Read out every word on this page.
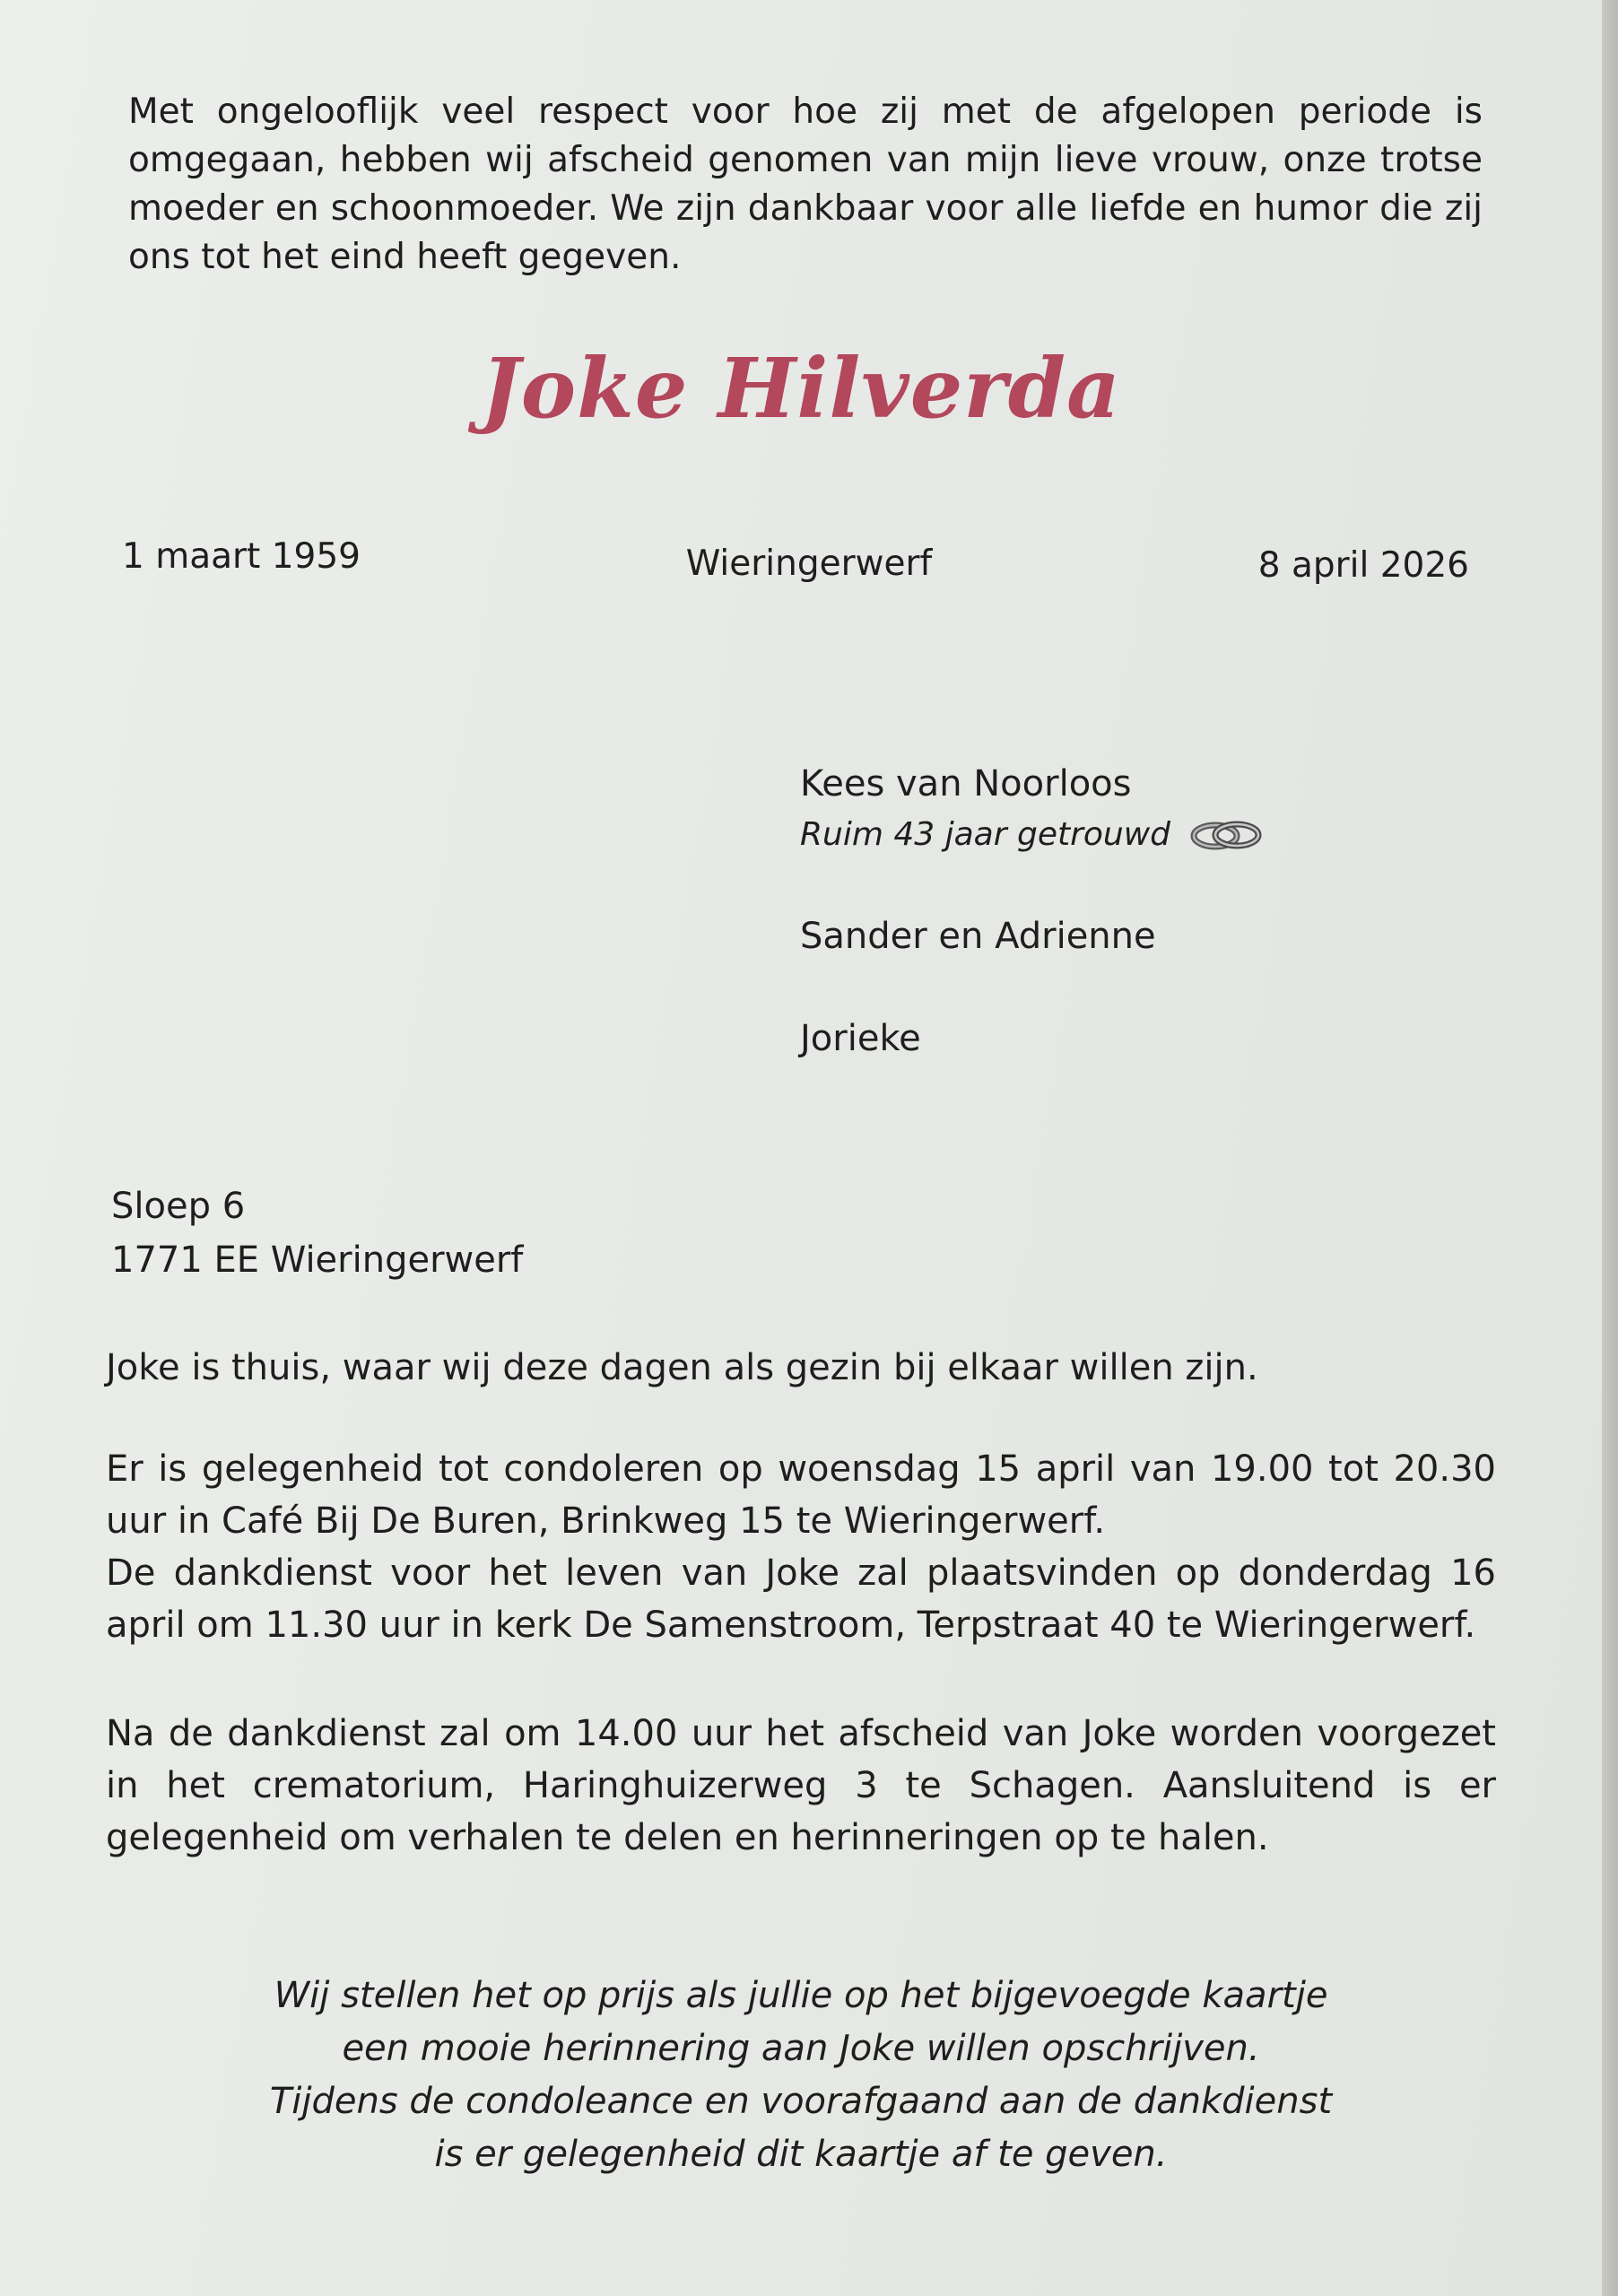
Met ongelooflijk veel respect voor hoe zij met de afgelopen periode is omgegaan, hebben wij afscheid genomen van mijn lieve vrouw, onze trotse moeder en schoonmoeder. We zijn dankbaar voor alle liefde en humor die zij ons tot het eind heeft gegeven.

Joke Hilverda

1 maart 1959	Wieringerwerf	8 april 2026

Kees van Noorloos

Ruim 43 jaar getrouwd

Sander en Adrienne

Jorieke

Sloep 6

1771 EE Wieringerwerf

Joke is thuis, waar wij deze dagen als gezin bij elkaar willen zijn.

Er is gelegenheid tot condoleren op woensdag 15 april van 19.00 tot 20.30 uur in Café Bij De Buren, Brinkweg 15 te Wieringerwerf.
De dankdienst voor het leven van Joke zal plaatsvinden op donderdag 16 april om 11.30 uur in kerk De Samenstroom, Terpstraat 40 te Wieringerwerf.

Na de dankdienst zal om 14.00 uur het afscheid van Joke worden voorgezet in het crematorium, Haringhuizerweg 3 te Schagen. Aansluitend is er gelegenheid om verhalen te delen en herinneringen op te halen.

Wij stellen het op prijs als jullie op het bijgevoegde kaartje
een mooie herinnering aan Joke willen opschrijven.
Tijdens de condoleance en voorafgaand aan de dankdienst
is er gelegenheid dit kaartje af te geven.
